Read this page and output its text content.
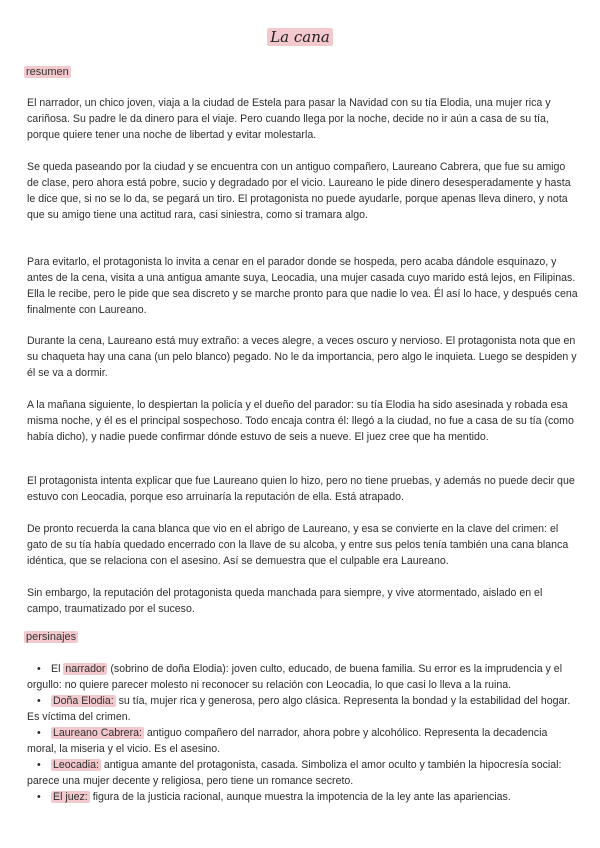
La cana
resumen

El narrador, un chico joven, viaja a la ciudad de Estela para pasar la Navidad con su tía Elodia, una mujer rica y cariñosa. Su padre le da dinero para el viaje. Pero cuando llega por la noche, decide no ir aún a casa de su tía, porque quiere tener una noche de libertad y evitar molestarla.

Se queda paseando por la ciudad y se encuentra con un antiguo compañero, Laureano Cabrera, que fue su amigo de clase, pero ahora está pobre, sucio y degradado por el vicio. Laureano le pide dinero desesperadamente y hasta le dice que, si no se lo da, se pegará un tiro. El protagonista no puede ayudarle, porque apenas lleva dinero, y nota que su amigo tiene una actitud rara, casi siniestra, como si tramara algo.

Para evitarlo, el protagonista lo invita a cenar en el parador donde se hospeda, pero acaba dándole esquinazo, y antes de la cena, visita a una antigua amante suya, Leocadia, una mujer casada cuyo marido está lejos, en Filipinas. Ella le recibe, pero le pide que sea discreto y se marche pronto para que nadie lo vea. Él así lo hace, y después cena finalmente con Laureano.

Durante la cena, Laureano está muy extraño: a veces alegre, a veces oscuro y nervioso. El protagonista nota que en su chaqueta hay una cana (un pelo blanco) pegado. No le da importancia, pero algo le inquieta. Luego se despiden y él se va a dormir.

A la mañana siguiente, lo despiertan la policía y el dueño del parador: su tía Elodia ha sido asesinada y robada esa misma noche, y él es el principal sospechoso. Todo encaja contra él: llegó a la ciudad, no fue a casa de su tía (como había dicho), y nadie puede confirmar dónde estuvo de seis a nueve. El juez cree que ha mentido.

El protagonista intenta explicar que fue Laureano quien lo hizo, pero no tiene pruebas, y además no puede decir que estuvo con Leocadia, porque eso arruinaría la reputación de ella. Está atrapado.

De pronto recuerda la cana blanca que vio en el abrigo de Laureano, y esa se convierte en la clave del crimen: el gato de su tía había quedado encerrado con la llave de su alcoba, y entre sus pelos tenía también una cana blanca idéntica, que se relaciona con el asesino. Así se demuestra que el culpable era Laureano.

Sin embargo, la reputación del protagonista queda manchada para siempre, y vive atormentado, aislado en el campo, traumatizado por el suceso.

persinajes
• El narrador (sobrino de doña Elodia): joven culto, educado, de buena familia. Su error es la imprudencia y el orgullo: no quiere parecer molesto ni reconocer su relación con Leocadia, lo que casi lo lleva a la ruina.
• Doña Elodia: su tía, mujer rica y generosa, pero algo clásica. Representa la bondad y la estabilidad del hogar. Es víctima del crimen.
• Laureano Cabrera: antiguo compañero del narrador, ahora pobre y alcohólico. Representa la decadencia moral, la miseria y el vicio. Es el asesino.
• Leocadia: antigua amante del protagonista, casada. Simboliza el amor oculto y también la hipocresía social: parece una mujer decente y religiosa, pero tiene un romance secreto.
• El juez: figura de la justicia racional, aunque muestra la impotencia de la ley ante las apariencias.
